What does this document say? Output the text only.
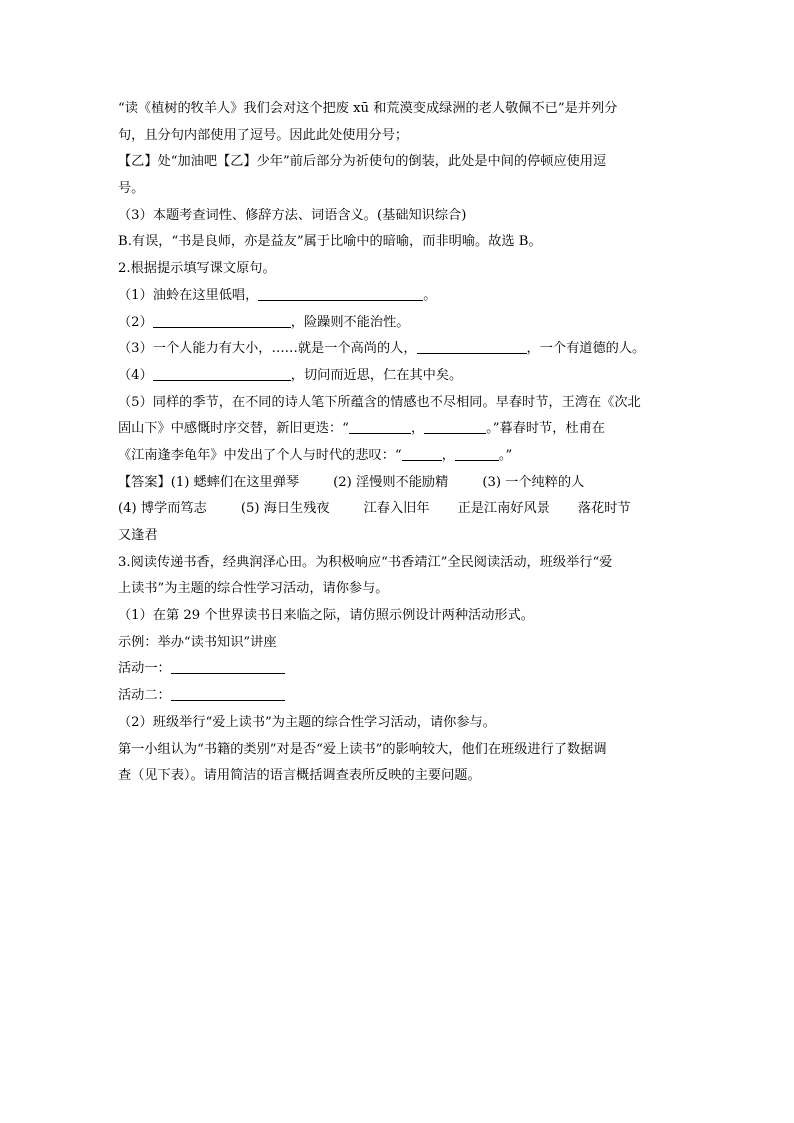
“读《植树的牧羊人》我们会对这个把废 xū 和荒漠变成绿洲的老人敬佩不已”是并列分
句，且分句内部使用了逗号。因此此处使用分号；
【乙】处“加油吧【乙】少年”前后部分为祈使句的倒装，此处是中间的停顿应使用逗
号。
（3）本题考查词性、修辞方法、词语含义。(基础知识综合)
B.有误，“书是良师，亦是益友”属于比喻中的暗喻，而非明喻。故选 B。
2.根据提示填写课文原句。
（1）油蛉在这里低唱，	。
（2）	，险躁则不能治性。
（3）一个人能力有大小，……就是一个高尚的人，	，一个有道德的人。
（4）	，切问而近思，仁在其中矣。
（5）同样的季节，在不同的诗人笔下所蕴含的情感也不尽相同。早春时节，王湾在《次北
固山下》中感慨时序交替，新旧更迭：“	，	。”暮春时节，杜甫在
《江南逢李龟年》中发出了个人与时代的悲叹：“	，	。”
【答案】(1) 蟋蟀们在这里弹琴	(2) 淫慢则不能励精	(3) 一个纯粹的人
(4) 博学而笃志	(5) 海日生残夜	江春入旧年 正是江南好风景 落花时节
又逢君
3.阅读传递书香，经典润泽心田。为积极响应“书香靖江”全民阅读活动，班级举行“爱
上读书”为主题的综合性学习活动，请你参与。
（1）在第 29 个世界读书日来临之际，请仿照示例设计两种活动形式。
示例：举办“读书知识”讲座
活动一：
活动二：
（2）班级举行“爱上读书”为主题的综合性学习活动，请你参与。
第一小组认为“书籍的类别”对是否“爱上读书”的影响较大，他们在班级进行了数据调
查（见下表）。请用简洁的语言概括调查表所反映的主要问题。
